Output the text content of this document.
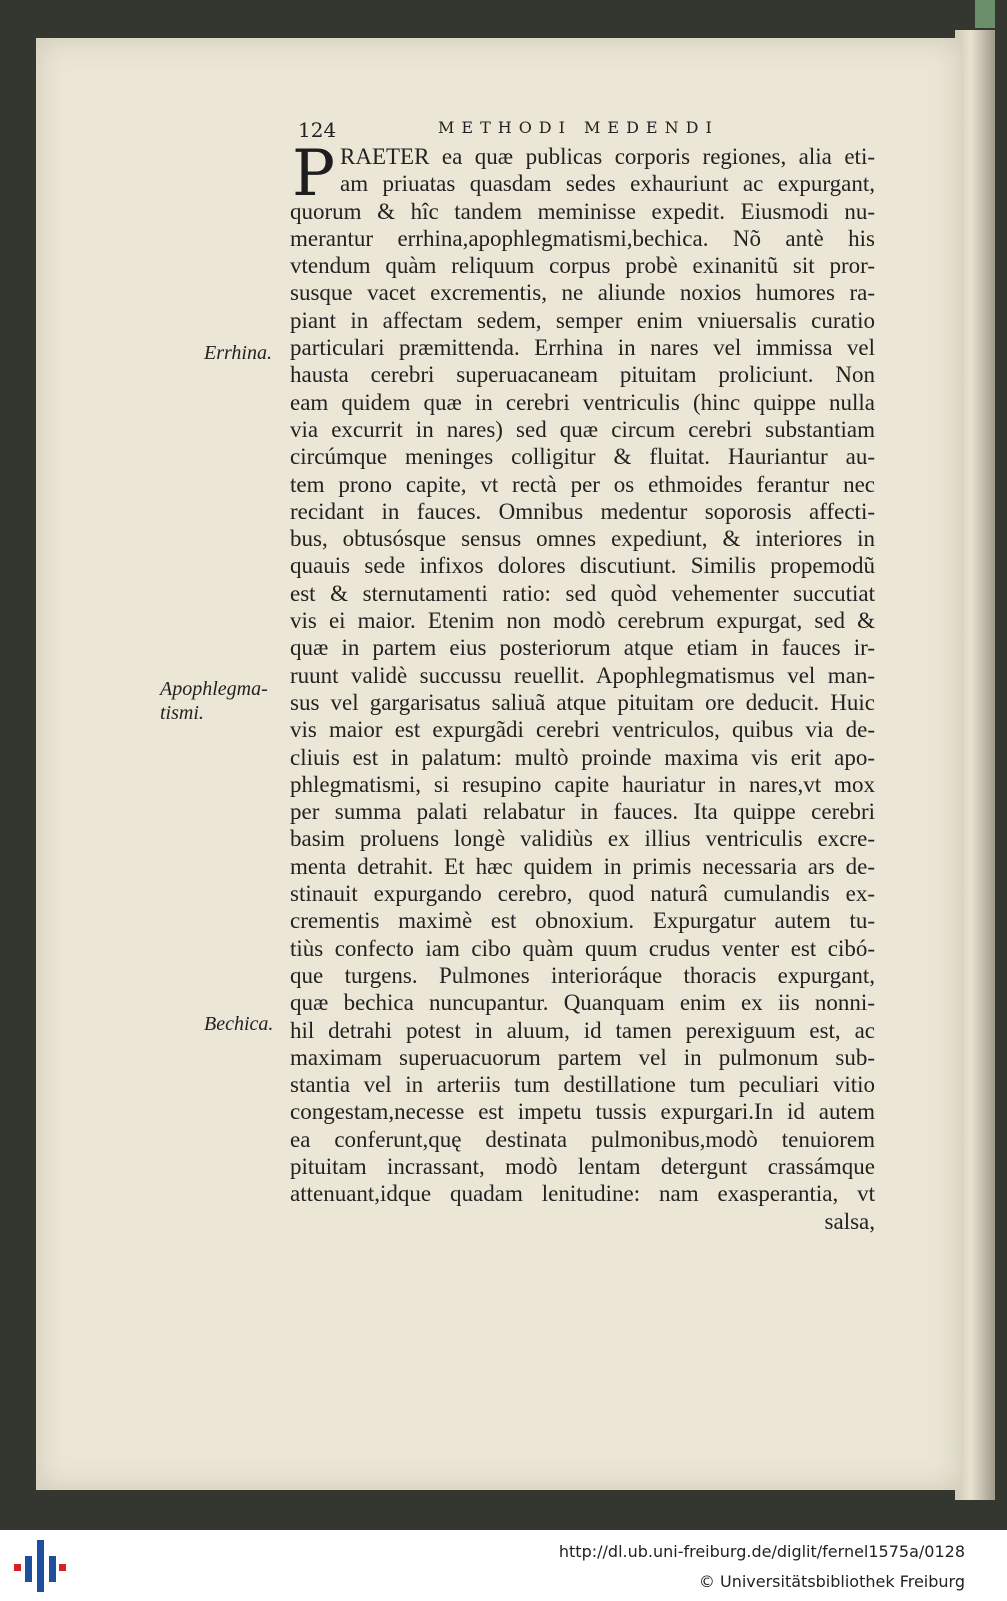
124	METHODI MEDENDI
P RAETER ea quæ publicas corporis regiones, alia eti-
am priuatas quasdam sedes exhauriunt ac expurgant,
quorum & hîc tandem meminisse expedit. Eiusmodi nu-
merantur errhina,apophlegmatismi,bechica. Nõ antè his
vtendum quàm reliquum corpus probè exinanitũ sit pror-
susque vacet excrementis, ne aliunde noxios humores ra-
piant in affectam sedem, semper enim vniuersalis curatio
particulari præmittenda. Errhina in nares vel immissa vel
hausta cerebri superuacaneam pituitam proliciunt. Non
eam quidem quæ in cerebri ventriculis (hinc quippe nulla
via excurrit in nares) sed quæ circum cerebri substantiam
circúmque meninges colligitur & fluitat. Hauriantur au-
tem prono capite, vt rectà per os ethmoides ferantur nec
recidant in fauces. Omnibus medentur soporosis affecti-
bus, obtusósque sensus omnes expediunt, & interiores in
quauis sede infixos dolores discutiunt. Similis propemodũ
est & sternutamenti ratio: sed quòd vehementer succutiat
vis ei maior. Etenim non modò cerebrum expurgat, sed &
quæ in partem eius posteriorum atque etiam in fauces ir-
ruunt validè succussu reuellit. Apophlegmatismus vel man-
sus vel gargarisatus saliuã atque pituitam ore deducit. Huic
vis maior est expurgãdi cerebri ventriculos, quibus via de-
cliuis est in palatum: multò proinde maxima vis erit apo-
phlegmatismi, si resupino capite hauriatur in nares,vt mox
per summa palati relabatur in fauces. Ita quippe cerebri
basim proluens longè validiùs ex illius ventriculis excre-
menta detrahit. Et hæc quidem in primis necessaria ars de-
stinauit expurgando cerebro, quod naturâ cumulandis ex-
crementis maximè est obnoxium. Expurgatur autem tu-
tiùs confecto iam cibo quàm quum crudus venter est cibó-
que turgens. Pulmones interioráque thoracis expurgant,
quæ bechica nuncupantur. Quanquam enim ex iis nonni-
hil detrahi potest in aluum, id tamen perexiguum est, ac
maximam superuacuorum partem vel in pulmonum sub-
stantia vel in arteriis tum destillatione tum peculiari vitio
congestam,necesse est impetu tussis expurgari.In id autem
ea conferunt,quę destinata pulmonibus,modò tenuiorem
pituitam incrassant, modò lentam detergunt crassámque
attenuant,idque quadam lenitudine: nam exasperantia, vt
salsa,
Errhina.
Apophlegma-
tismi.
Bechica.
http://dl.ub.uni-freiburg.de/diglit/fernel1575a/0128
© Universitätsbibliothek Freiburg
